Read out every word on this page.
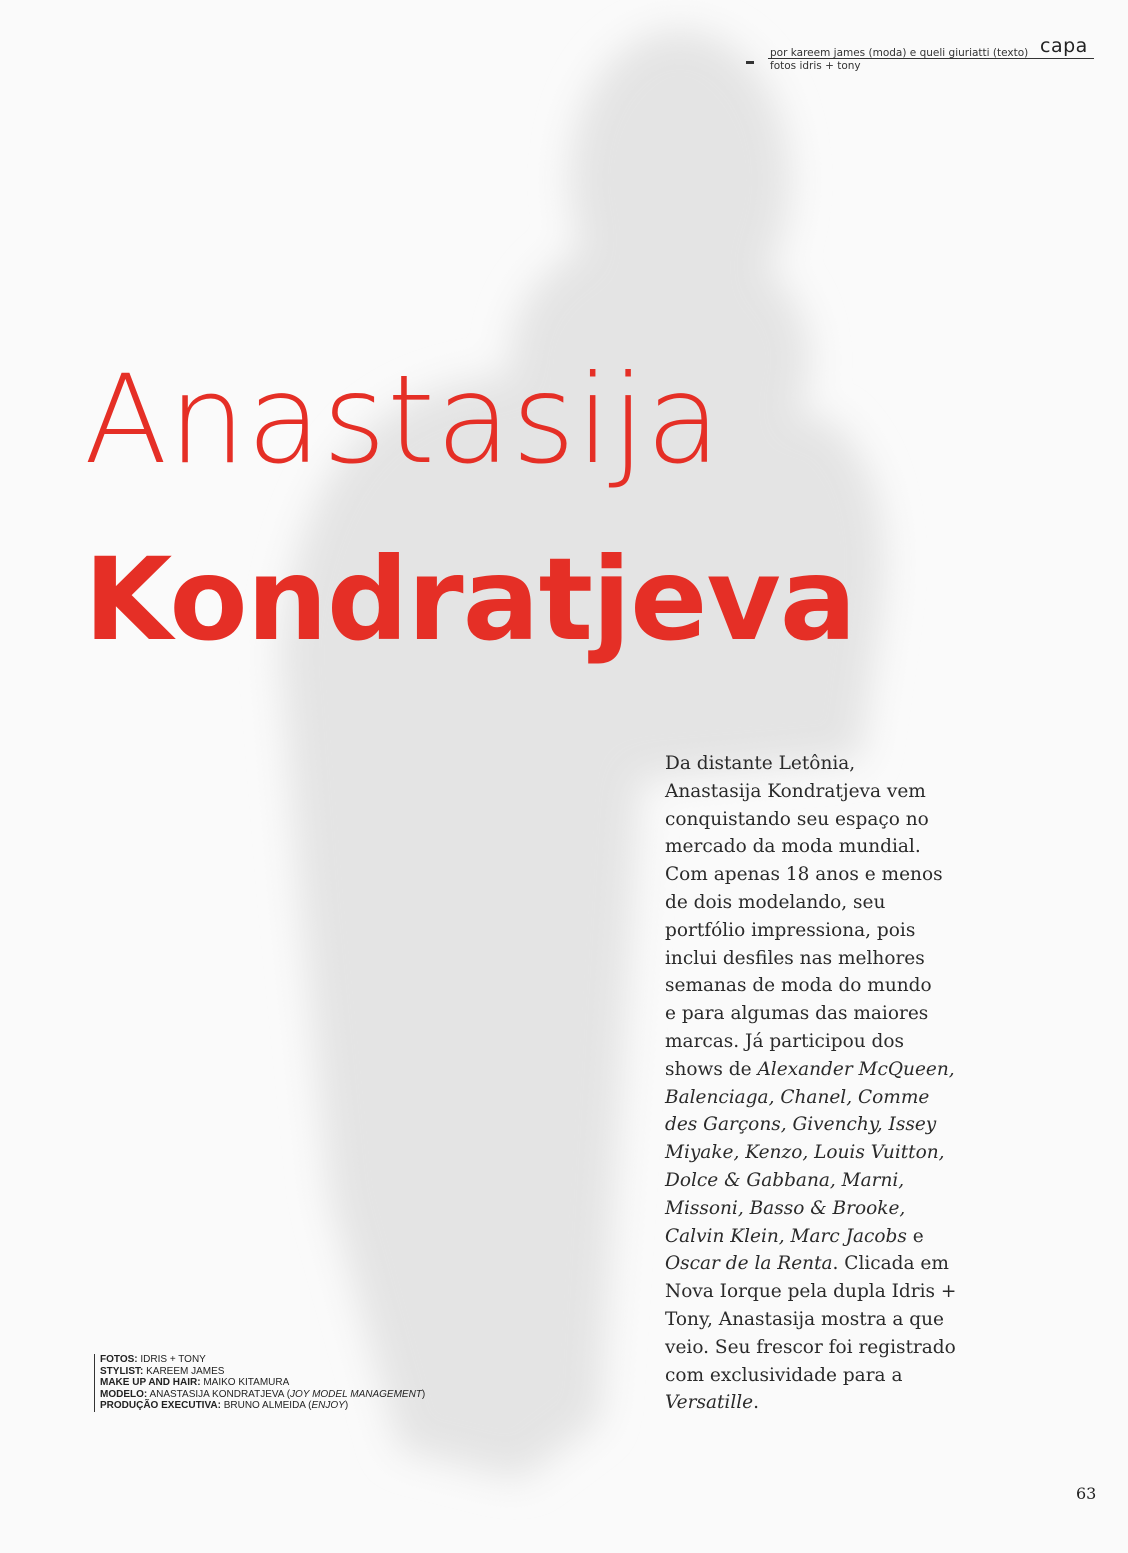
capa
por kareem james (moda) e queli giuriatti (texto)
fotos idris + tony
Anastasija
Kondratjeva
Da distante Letônia,
Anastasija Kondratjeva vem
conquistando seu espaço no
mercado da moda mundial.
Com apenas 18 anos e menos
de dois modelando, seu
portfólio impressiona, pois
inclui desfiles nas melhores
semanas de moda do mundo
e para algumas das maiores
marcas. Já participou dos
shows de Alexander McQueen,
Balenciaga, Chanel, Comme
des Garçons, Givenchy, Issey
Miyake, Kenzo, Louis Vuitton,
Dolce & Gabbana, Marni,
Missoni, Basso & Brooke,
Calvin Klein, Marc Jacobs e
Oscar de la Renta. Clicada em
Nova Iorque pela dupla Idris +
Tony, Anastasija mostra a que
veio. Seu frescor foi registrado
com exclusividade para a
Versatille.
FOTOS: IDRIS + TONY
STYLIST: KAREEM JAMES
MAKE UP AND HAIR: MAIKO KITAMURA
MODELO: ANASTASIJA KONDRATJEVA (JOY MODEL MANAGEMENT)
PRODUÇÃO EXECUTIVA: BRUNO ALMEIDA (ENJOY)
63
